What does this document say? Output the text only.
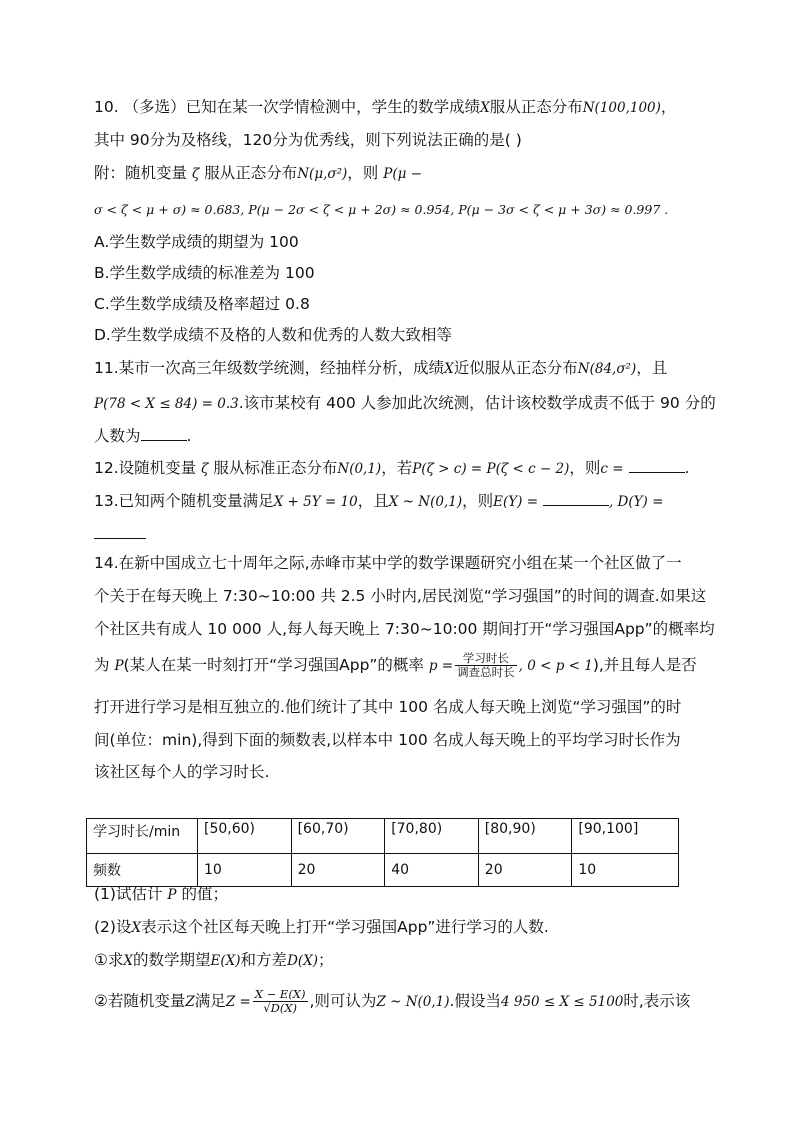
10. （多选）已知在某一次学情检测中，学生的数学成绩X服从正态分布N(100,100)，
其中 90分为及格线，120分为优秀线，则下列说法正确的是( )
附：随机变量 ζ 服从正态分布N(μ,σ²)，则 P(μ −
σ < ζ < μ + σ) ≈ 0.683, P(μ − 2σ < ζ < μ + 2σ) ≈ 0.954, P(μ − 3σ < ζ < μ + 3σ) ≈ 0.997 .
A.学生数学成绩的期望为 100
B.学生数学成绩的标准差为 100
C.学生数学成绩及格率超过 0.8
D.学生数学成绩不及格的人数和优秀的人数大致相等
11.某市一次高三年级数学统测，经抽样分析，成绩X近似服从正态分布N(84,σ²)，且
P(78 < X ≤ 84) = 0.3.该市某校有 400 人参加此次统测，估计该校数学成责不低于 90 分的
人数为	.
12.设随机变量 ζ 服从标准正态分布N(0,1)，若P(ζ > c) = P(ζ < c − 2)，则c =	.
13.已知两个随机变量满足X + 5Y = 10，且X ~ N(0,1)，则E(Y) =	, D(Y) =
14.在新中国成立七十周年之际,赤峰市某中学的数学课题研究小组在某一个社区做了一
个关于在每天晚上 7:30~10:00 共 2.5 小时内,居民浏览“学习强国”的时间的调查.如果这
个社区共有成人 10 000 人,每人每天晚上 7:30~10:00 期间打开“学习强国App”的概率均
为 P(某人在某一时刻打开“学习强国App”的概率 $p = \frac{\text{学习时长}}{\text{调查总时长}}$ , 0 < p < 1),并且每人是否
打开进行学习是相互独立的.他们统计了其中 100 名成人每天晚上浏览“学习强国”的时
间(单位：min),得到下面的频数表,以样本中 100 名成人每天晚上的平均学习时长作为
该社区每个人的学习时长.
学习时长/min	[50,60)	[60,70)	[70,80)	[80,90)	[90,100]
频数	10	20	40	20	10
(1)试估计 P 的值；
(2)设X表示这个社区每天晚上打开“学习强国App”进行学习的人数.
①求X的数学期望E(X)和方差D(X)；
②若随机变量Z满足$Z = \frac{X - E(X)}{√D(X)}$ ,则可认为Z ~ N(0,1).假设当4 950 ≤ X ≤ 5100时,表示该
